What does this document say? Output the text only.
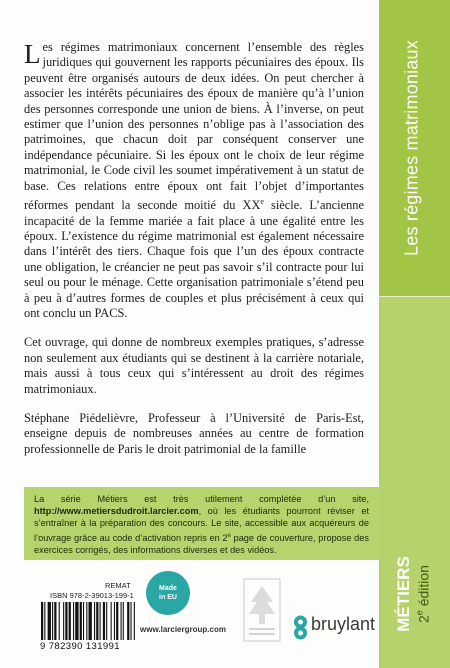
Les régimes matrimoniaux
MÉTIERS 2e édition

Les régimes matrimoniaux concernent l’ensemble des règles juridiques qui gouvernent les rapports pécuniaires des époux. Ils peuvent être organisés autours de deux idées. On peut chercher à associer les intérêts pécuniaires des époux de manière qu’à l’union des personnes corresponde une union de biens. À l’inverse, on peut estimer que l’union des personnes n’oblige pas à l’association des patrimoines, que chacun doit par conséquent conserver une indépendance pécuniaire. Si les époux ont le choix de leur régime matrimonial, le Code civil les soumet impérativement à un statut de base. Ces relations entre époux ont fait l’objet d’importantes réformes pendant la seconde moitié du XXe siècle. L’ancienne incapacité de la femme mariée a fait place à une égalité entre les époux. L’existence du régime matrimonial est également nécessaire dans l’intérêt des tiers. Chaque fois que l’un des époux contracte une obligation, le créancier ne peut pas savoir s’il contracte pour lui seul ou pour le ménage. Cette organisation patrimoniale s’étend peu à peu à d’autres formes de couples et plus précisément à ceux qui ont conclu un PACS.

Cet ouvrage, qui donne de nombreux exemples pratiques, s’adresse non seulement aux étudiants qui se destinent à la carrière notariale, mais aussi à tous ceux qui s’intéressent au droit des régimes matrimoniaux.

Stéphane Piédelièvre, Professeur à l’Université de Paris-Est, enseigne depuis de nombreuses années au centre de formation professionnelle de Paris le droit patrimonial de la famille

La série Métiers est très utilement complétée d’un site, http://www.metiersdudroit.larcier.com, où les étudiants pourront réviser et s’entraîner à la préparation des concours. Le site, accessible aux acquéreurs de l’ouvrage grâce au code d’activation repris en 2e page de couverture, propose des exercices corrigés, des informations diverses et des vidéos.
REMAT
ISBN 978-2-39013-199-1
9 782390 131991
Made
in EU
www.larciergroup.com	bruylant
